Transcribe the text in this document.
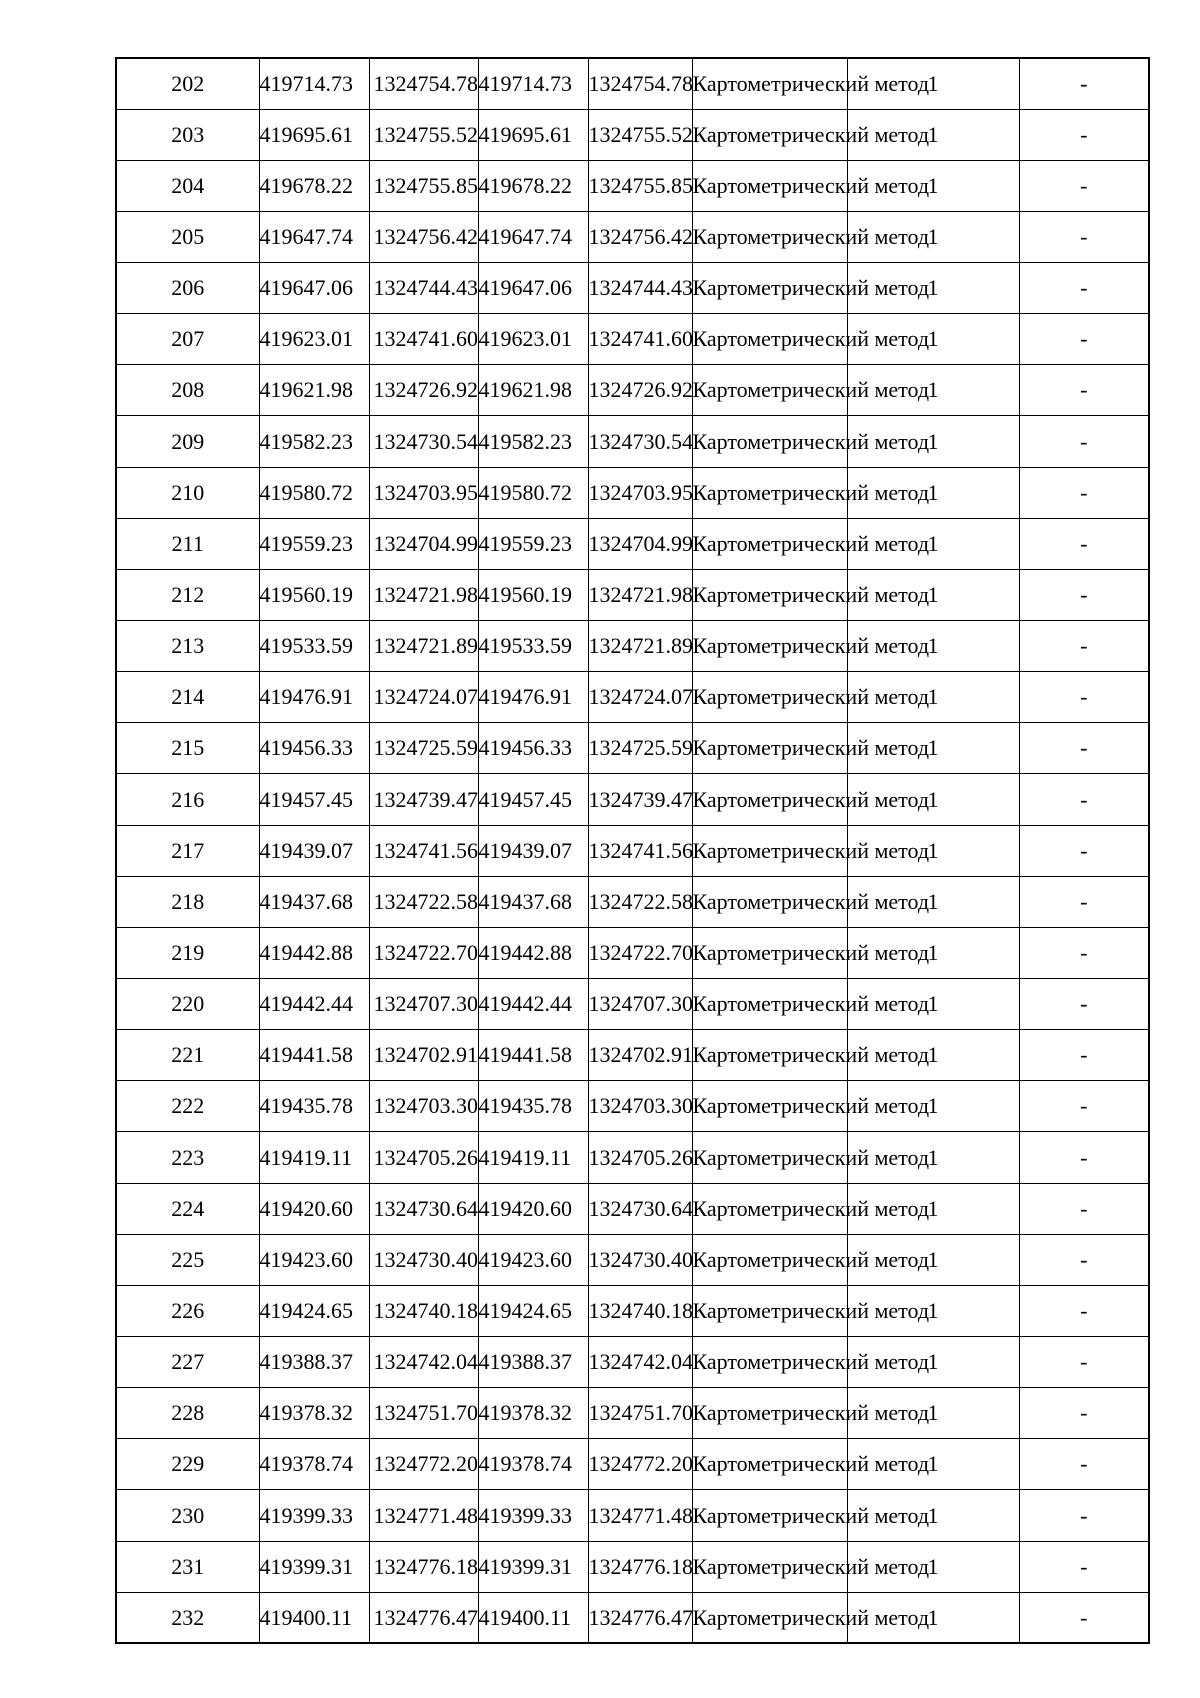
202	419714.73	1324754.78	419714.73	1324754.78	Картометрический метод	1	-
203	419695.61	1324755.52	419695.61	1324755.52	Картометрический метод	1	-
204	419678.22	1324755.85	419678.22	1324755.85	Картометрический метод	1	-
205	419647.74	1324756.42	419647.74	1324756.42	Картометрический метод	1	-
206	419647.06	1324744.43	419647.06	1324744.43	Картометрический метод	1	-
207	419623.01	1324741.60	419623.01	1324741.60	Картометрический метод	1	-
208	419621.98	1324726.92	419621.98	1324726.92	Картометрический метод	1	-
209	419582.23	1324730.54	419582.23	1324730.54	Картометрический метод	1	-
210	419580.72	1324703.95	419580.72	1324703.95	Картометрический метод	1	-
211	419559.23	1324704.99	419559.23	1324704.99	Картометрический метод	1	-
212	419560.19	1324721.98	419560.19	1324721.98	Картометрический метод	1	-
213	419533.59	1324721.89	419533.59	1324721.89	Картометрический метод	1	-
214	419476.91	1324724.07	419476.91	1324724.07	Картометрический метод	1	-
215	419456.33	1324725.59	419456.33	1324725.59	Картометрический метод	1	-
216	419457.45	1324739.47	419457.45	1324739.47	Картометрический метод	1	-
217	419439.07	1324741.56	419439.07	1324741.56	Картометрический метод	1	-
218	419437.68	1324722.58	419437.68	1324722.58	Картометрический метод	1	-
219	419442.88	1324722.70	419442.88	1324722.70	Картометрический метод	1	-
220	419442.44	1324707.30	419442.44	1324707.30	Картометрический метод	1	-
221	419441.58	1324702.91	419441.58	1324702.91	Картометрический метод	1	-
222	419435.78	1324703.30	419435.78	1324703.30	Картометрический метод	1	-
223	419419.11	1324705.26	419419.11	1324705.26	Картометрический метод	1	-
224	419420.60	1324730.64	419420.60	1324730.64	Картометрический метод	1	-
225	419423.60	1324730.40	419423.60	1324730.40	Картометрический метод	1	-
226	419424.65	1324740.18	419424.65	1324740.18	Картометрический метод	1	-
227	419388.37	1324742.04	419388.37	1324742.04	Картометрический метод	1	-
228	419378.32	1324751.70	419378.32	1324751.70	Картометрический метод	1	-
229	419378.74	1324772.20	419378.74	1324772.20	Картометрический метод	1	-
230	419399.33	1324771.48	419399.33	1324771.48	Картометрический метод	1	-
231	419399.31	1324776.18	419399.31	1324776.18	Картометрический метод	1	-
232	419400.11	1324776.47	419400.11	1324776.47	Картометрический метод	1	-
